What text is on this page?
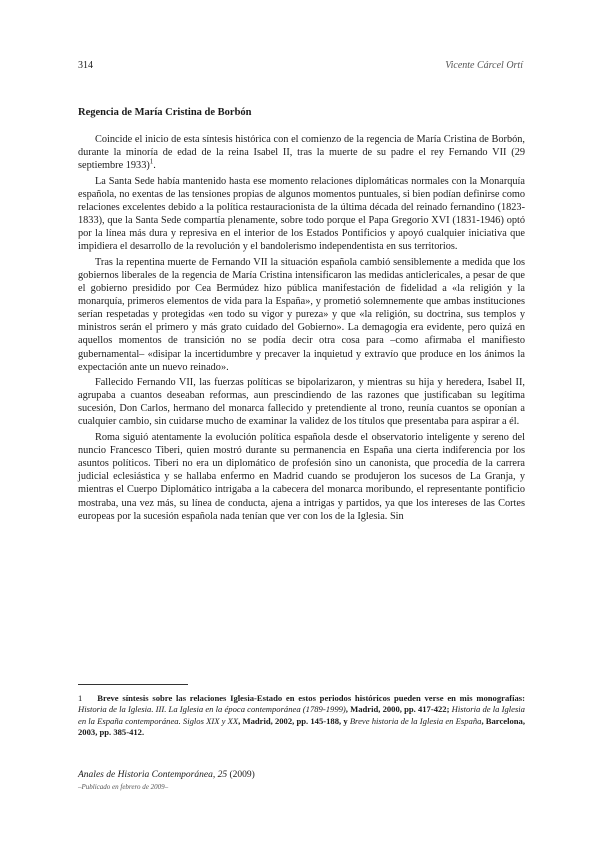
314	Vicente Cárcel Ortí
Regencia de María Cristina de Borbón

Coincide el inicio de esta síntesis histórica con el comienzo de la regencia de María Cristina de Borbón, durante la minoría de edad de la reina Isabel II, tras la muerte de su padre el rey Fernando VII (29 septiembre 1933)$^1$.

La Santa Sede había mantenido hasta ese momento relaciones diplomáticas normales con la Monarquía española, no exentas de las tensiones propias de algunos momentos puntuales, si bien podían definirse como relaciones excelentes debido a la política restauracionista de la última década del reinado fernandino (1823-1833), que la Santa Sede compartía plenamente, sobre todo porque el Papa Gregorio XVI (1831-1946) optó por la línea más dura y represiva en el interior de los Estados Pontificios y apoyó cualquier iniciativa que impidiera el desarrollo de la revolución y el bandolerismo independentista en sus territorios.

Tras la repentina muerte de Fernando VII la situación española cambió sensiblemente a medida que los gobiernos liberales de la regencia de María Cristina intensificaron las medidas anticlericales, a pesar de que el gobierno presidido por Cea Bermúdez hizo pública manifestación de fidelidad a «la religión y la monarquía, primeros elementos de vida para la España», y prometió solemnemente que ambas instituciones serían respetadas y protegidas «en todo su vigor y pureza» y que «la religión, su doctrina, sus templos y ministros serán el primero y más grato cuidado del Gobierno». La demagogia era evidente, pero quizá en aquellos momentos de transición no se podía decir otra cosa para –como afirmaba el manifiesto gubernamental– «disipar la incertidumbre y precaver la inquietud y extravío que produce en los ánimos la expectación ante un nuevo reinado».

Fallecido Fernando VII, las fuerzas políticas se bipolarizaron, y mientras su hija y heredera, Isabel II, agrupaba a cuantos deseaban reformas, aun prescindiendo de las razones que justificaban su legítima sucesión, Don Carlos, hermano del monarca fallecido y pretendiente al trono, reunía cuantos se oponían a cualquier cambio, sin cuidarse mucho de examinar la validez de los títulos que presentaba para aspirar a él.

Roma siguió atentamente la evolución política española desde el observatorio inteligente y sereno del nuncio Francesco Tiberi, quien mostró durante su permanencia en España una cierta indiferencia por los asuntos políticos. Tiberi no era un diplomático de profesión sino un canonista, que procedía de la carrera judicial eclesiástica y se hallaba enfermo en Madrid cuando se produjeron los sucesos de La Granja, y mientras el Cuerpo Diplomático intrigaba a la cabecera del monarca moribundo, el representante pontificio mostraba, una vez más, su línea de conducta, ajena a intrigas y partidos, ya que los intereses de las Cortes europeas por la sucesión española nada tenían que ver con los de la Iglesia. Sin

1 Breve síntesis sobre las relaciones Iglesia-Estado en estos periodos históricos pueden verse en mis monografías: Historia de la Iglesia. III. La Iglesia en la época contemporánea (1789-1999), Madrid, 2000, pp. 417-422; Historia de la Iglesia en la España contemporánea. Siglos XIX y XX, Madrid, 2002, pp. 145-188, y Breve historia de la Iglesia en España, Barcelona, 2003, pp. 385-412.
Anales de Historia Contemporánea, 25 (2009)
–Publicado en febrero de 2009–
